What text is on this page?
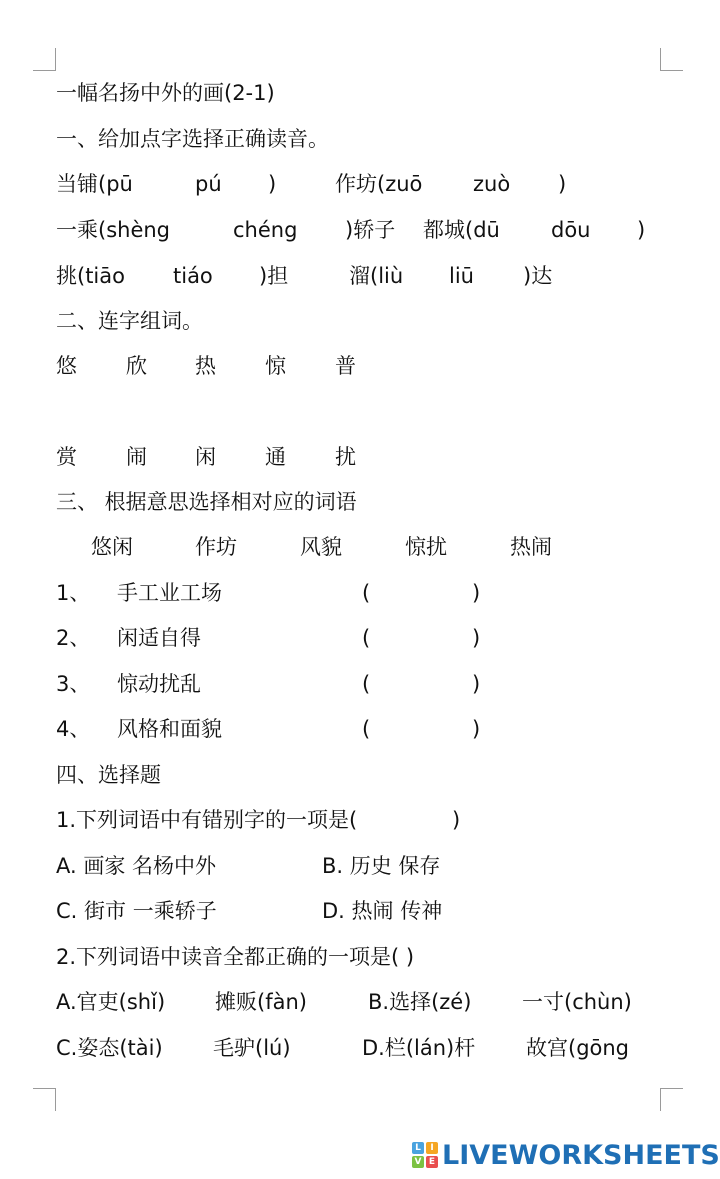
一幅名扬中外的画(2-1)
一、给加点字选择正确读音。
当铺(pū	pú )	作坊(zuō zuò )
一乘(shèng	chéng )轿子 都城(dū dōu )
挑(tiāo tiáo )担	溜(liù liū )达
二、连字组词。
悠 欣 热 惊 普
赏 闹 闲 通 扰
三、 根据意思选择相对应的词语
悠闲	作坊	风貌	惊扰	热闹
1、 手工业工场	(	)
2、 闲适自得	(	)
3、 惊动扰乱	(	)
4、 风格和面貌	(	)
四、选择题
1.下列词语中有错别字的一项是(	)
A. 画家 名杨中外	B. 历史 保存
C. 街市 一乘轿子	D. 热闹 传神
2.下列词语中读音全都正确的一项是( )
A.官吏(shǐ) 摊贩(fàn)	B.选择(zé) 一寸(chùn)
C.姿态(tài) 毛驴(lú)	D.栏(lán)杆 故宫(gōng
L	I
V E LIVEWORKSHEETS
